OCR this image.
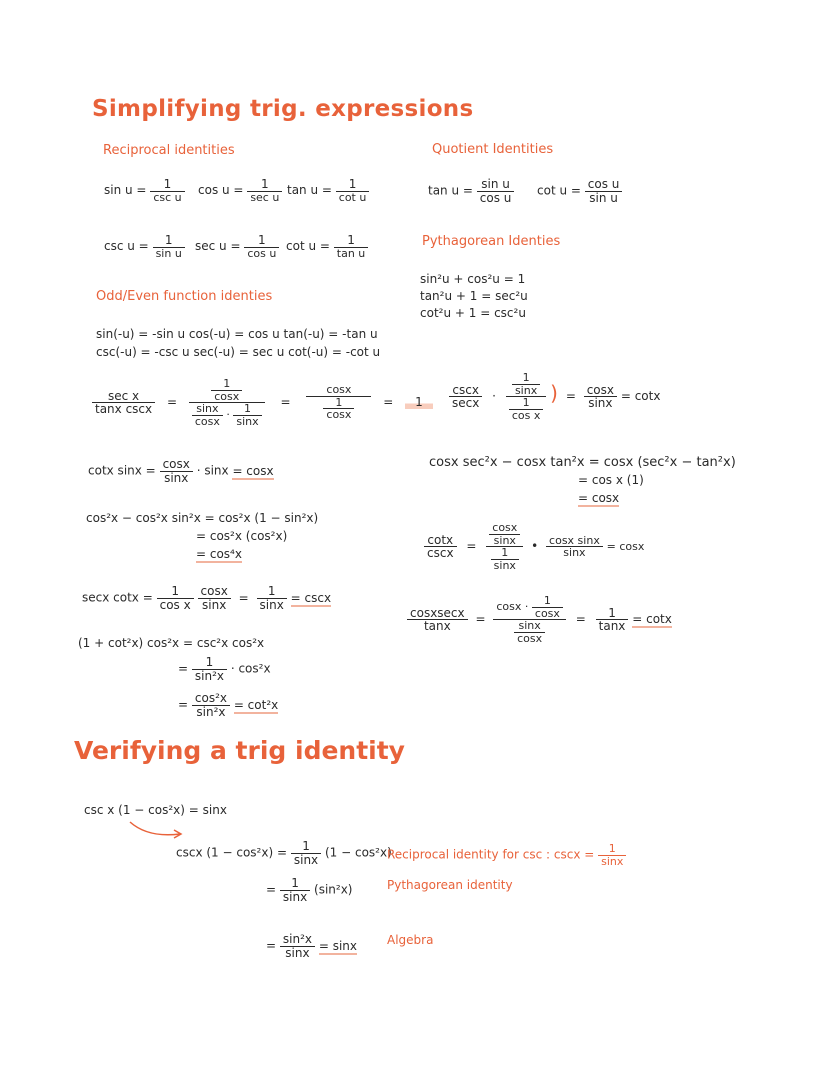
Simplifying trig. expressions
Reciprocal identities
$\sin u = \frac{1}{\text{csc u}}$ $\cos u = \frac{1}{\text{sec u}}$ $\tan u = \frac{1}{\text{cot u}}$
$\csc u = \frac{1}{\text{sin u}}$ $\sec u = \frac{1}{\text{cos u}}$ $\cot u = \frac{1}{\text{tan u}}$
Quotient Identities
$\tan u = \frac{\text{sin u}}{\text{cos u}}$ $\cot u = \frac{\text{cos u}}{\text{sin u}}$
Pythagorean Identies
sin²u + cos²u = 1
tan²u + 1 = sec²u
cot²u + 1 = csc²u
Odd/Even function identies
sin(-u) = -sin u cos(-u) = cos u tan(-u) = -tan u
csc(-u) = -csc u sec(-u) = sec u cot(-u) = -cot u
$\frac{\text{sec x}}{\text{tanx cscx}} = \frac{\frac{1}{\cos x}}{\frac{\sin x}{\cos x} \cdot \frac{1}{\sin x}} = \frac{\cos x}{\frac{1}{\cos x}} = 1$	$\frac{\csc x}{\sec x} \cdot \frac{\frac{1}{\sin x}}{\frac{1}{\text{cos x}}}$ ) = $\frac{\cos x}{\sin x} = \cot x$
cotx $\sin x = \frac{\cos x}{\sin x} \cdot \sin x = \cos x$
cosx sec²x − cosx tan²x = cosx (sec²x − tan²x)
= cos x (1)
= cosx
cos²x − cos²x sin²x = cos²x (1 − sin²x)
= cos²x (cos²x)
= cos⁴x	$\frac{\cot x}{\csc x} = \frac{\frac{\cos x}{\sin x}}{\frac{1}{\sin x}}$ • $\frac{\text{cosx sinx}}{\sin x} = \cos x$
secx $\cot x = \frac{1}{\text{cos x}}$
$\frac{\cos x}{\sin x} = \frac{1}{\sin x} = \csc x$
$\frac{\text{cosxsecx}}{\tan x} = \frac{\cos x \cdot \frac{1}{\cos x}}{\frac{\sin x}{\cos x}} = \frac{1}{\tan x} = \cot x$
(1 + cot²x) cos²x = csc²x cos²x
= $\frac{1}{\text{sin²x}} \cdot \cos^2x$
= $\frac{\text{cos²x}}{\text{sin²x}} = \cot^2x$
Verifying a trig identity
csc x (1 − cos²x) = sinx
cscx $(1 - \cos^2x) = \frac{1}{\sin x} (1 - \cos^2x)$
Reciprocal identity for csc : $\csc x = \frac{1}{\sin x}$
= $\frac{1}{\sin x} (\sin^2x)$	Pythagorean identity
= $\frac{\text{sin²x}}{\sin x} = \sin x$	Algebra
